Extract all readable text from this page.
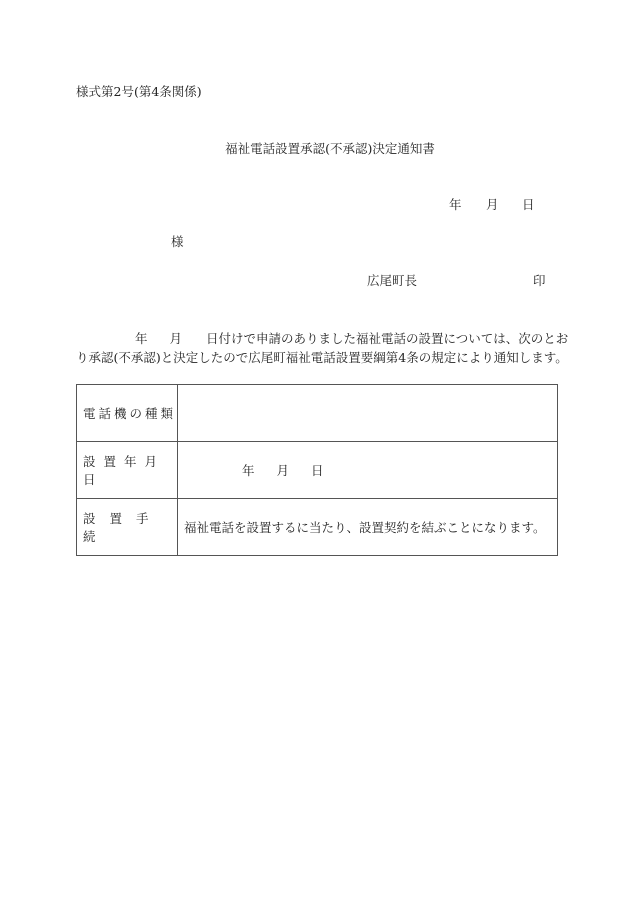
様式第2号(第4条関係)
福祉電話設置承認(不承認)決定通知書
年 月 日
様
広尾町長	印
年 月 日付けで申請のありました福祉電話の設置については、次のとお
り承認(不承認)と決定したので広尾町福祉電話設置要綱第4条の規定により通知します。
電話機の種類	
設置年月日	年 月 日
設置手続	福祉電話を設置するに当たり、設置契約を結ぶことになります。
